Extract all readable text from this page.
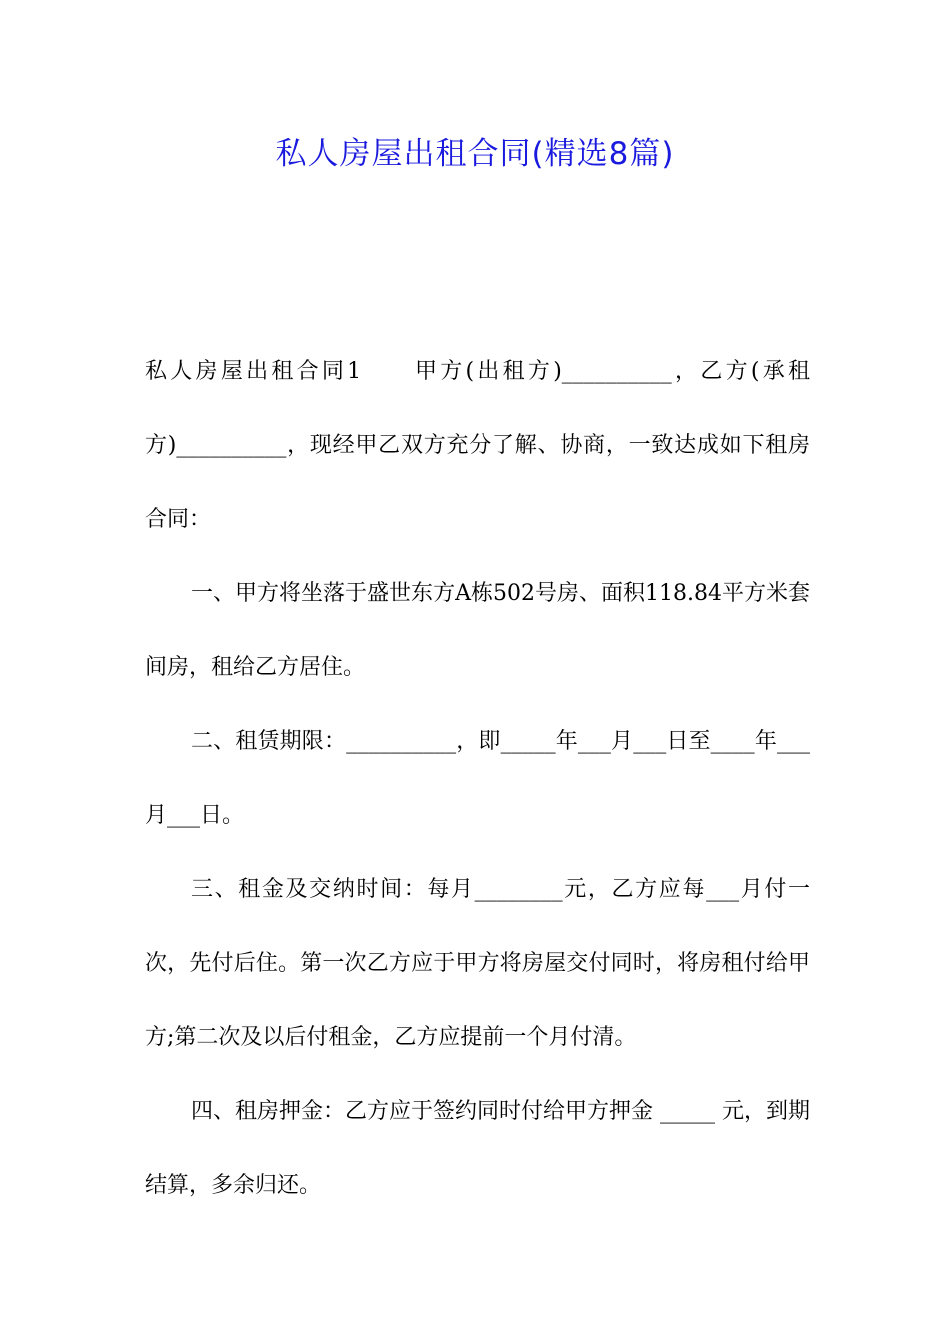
私人房屋出租合同(精选8篇)

私人房屋出租合同1　　甲方(出租方)__________，乙方(承租方)__________，现经甲乙双方充分了解、协商，一致达成如下租房合同：

一、甲方将坐落于盛世东方A栋502号房、面积118.84平方米套间房，租给乙方居住。

二、租赁期限：__________，即_____年___月___日至____年___月___日。

三、租金及交纳时间：每月________元，乙方应每___月付一次，先付后住。第一次乙方应于甲方将房屋交付同时，将房租付给甲方;第二次及以后付租金，乙方应提前一个月付清。

四、租房押金：乙方应于签约同时付给甲方押金 _____ 元，到期结算，多余归还。
